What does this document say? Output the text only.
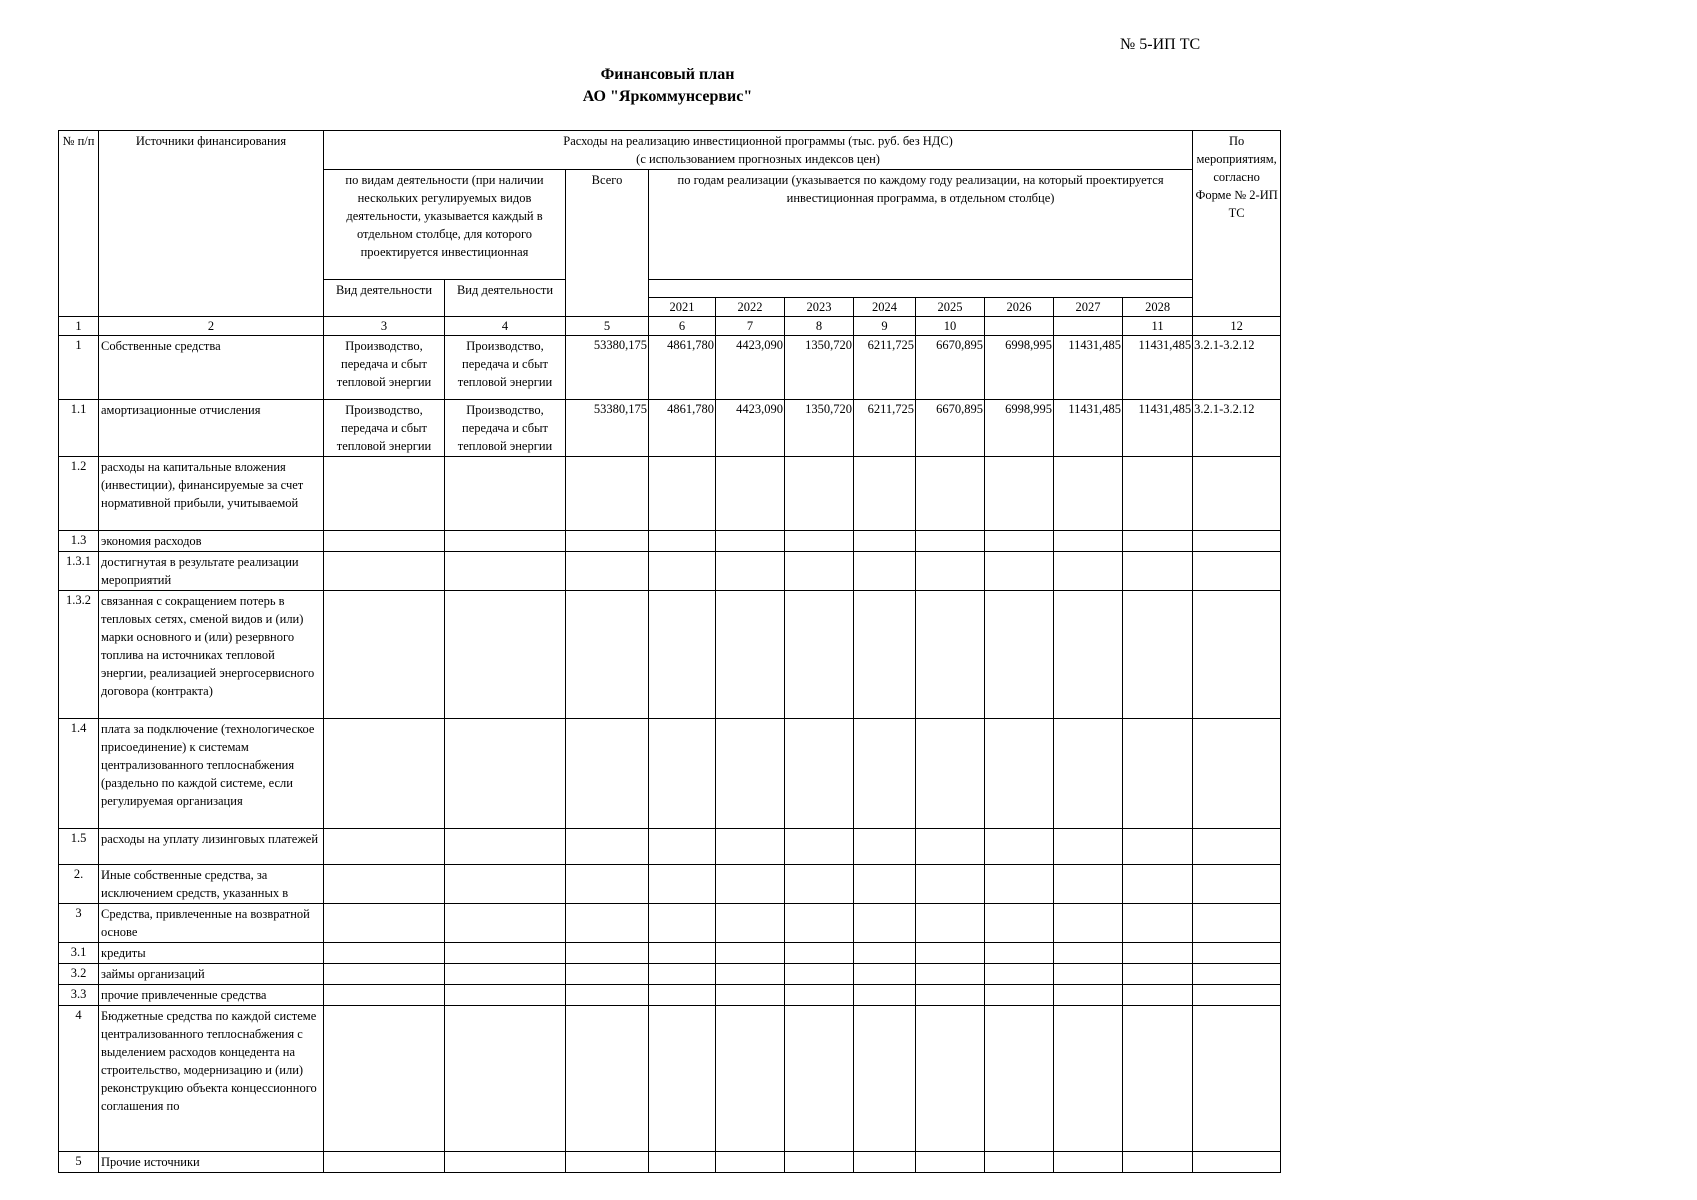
№ 5-ИП ТС
Финансовый план
АО "Яркоммунсервис"
№ п/п	Источники финансирования	Расходы на реализацию инвестиционной программы (тыс. руб. без НДС)
(с использованием прогнозных индексов цен)											По мероприятиям, согласно Форме № 2-ИП ТС
		по видам деятельности (при наличии нескольких регулируемых видов деятельности, указывается каждый в отдельном столбце, для которого проектируется инвестиционная		Всего	по годам реализации (указывается по каждому году реализации, на который проектируется инвестиционная программа, в отдельном столбце)								
		Вид деятельности	Вид деятельности										
					2021	2022	2023	2024	2025	2026	2027	2028	
1	2	3	4	5	6	7	8	9	10			11	12
1	Собственные средства	Производство, передача и сбыт тепловой энергии	Производство, передача и сбыт тепловой энергии	53380,175	4861,780	4423,090	1350,720	6211,725	6670,895	6998,995	11431,485	11431,485	3.2.1-3.2.12
1.1	амортизационные отчисления	Производство, передача и сбыт тепловой энергии	Производство, передача и сбыт тепловой энергии	53380,175	4861,780	4423,090	1350,720	6211,725	6670,895	6998,995	11431,485	11431,485	3.2.1-3.2.12
1.2	расходы на капитальные вложения (инвестиции), финансируемые за счет нормативной прибыли, учитываемой												
1.3	экономия расходов												
1.3.1	достигнутая в результате реализации мероприятий												
1.3.2	связанная с сокращением потерь в тепловых сетях, сменой видов и (или) марки основного и (или) резервного топлива на источниках тепловой энергии, реализацией энергосервисного договора (контракта)												
1.4	плата за подключение (технологическое присоединение) к системам централизованного теплоснабжения (раздельно по каждой системе, если регулируемая организация												
1.5	расходы на уплату лизинговых платежей												
2.	Иные собственные средства, за исключением средств, указанных в												
3	Средства, привлеченные на возвратной основе												
3.1	кредиты												
3.2	займы организаций												
3.3	прочие привлеченные средства												
4	Бюджетные средства по каждой системе централизованного теплоснабжения с выделением расходов концедента на строительство, модернизацию и (или) реконструкцию объекта концессионного соглашения по												
5	Прочие источники												
